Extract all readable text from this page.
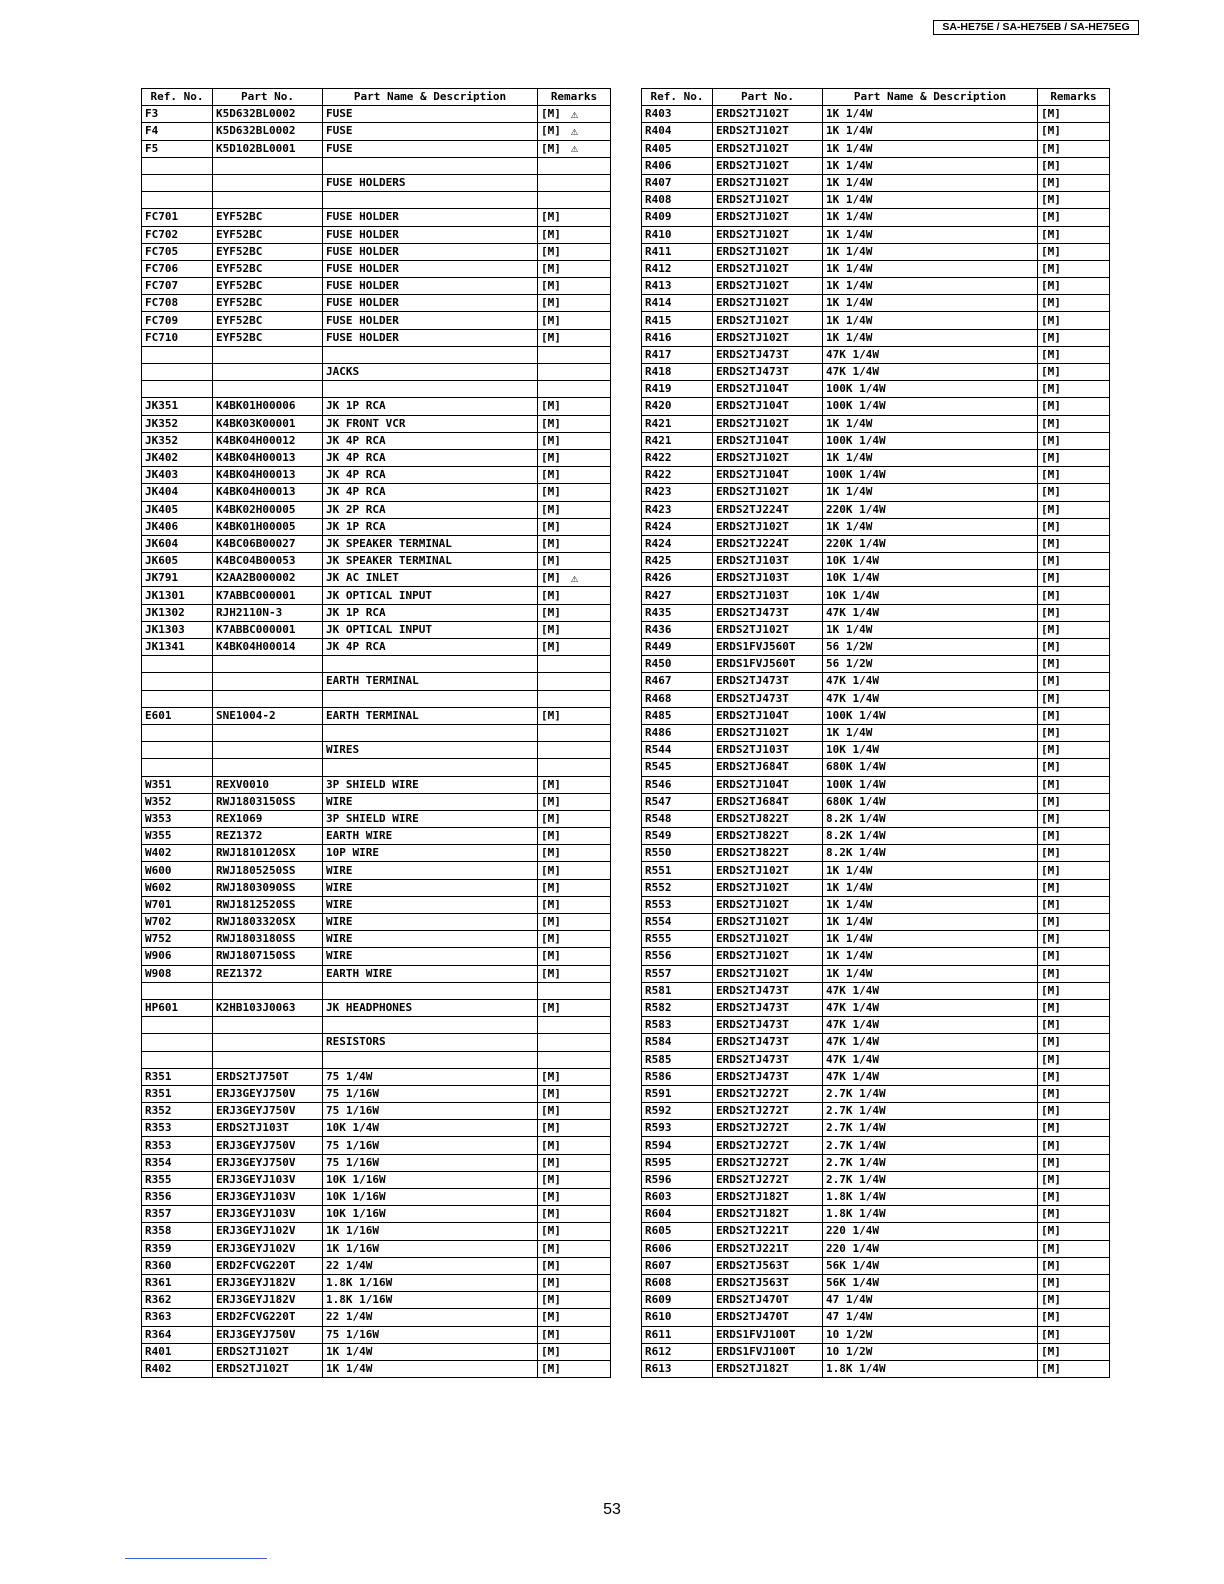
SA-HE75E / SA-HE75EB / SA-HE75EG
Ref. No.	Part No.	Part Name & Description	Remarks
F3	K5D632BL0002	FUSE	[M] ⚠
F4	K5D632BL0002	FUSE	[M] ⚠
F5	K5D102BL0001	FUSE	[M] ⚠

		FUSE HOLDERS	

FC701	EYF52BC	FUSE HOLDER	[M]
FC702	EYF52BC	FUSE HOLDER	[M]
FC705	EYF52BC	FUSE HOLDER	[M]
FC706	EYF52BC	FUSE HOLDER	[M]
FC707	EYF52BC	FUSE HOLDER	[M]
FC708	EYF52BC	FUSE HOLDER	[M]
FC709	EYF52BC	FUSE HOLDER	[M]
FC710	EYF52BC	FUSE HOLDER	[M]

		JACKS	

JK351	K4BK01H00006	JK 1P RCA	[M]
JK352	K4BK03K00001	JK FRONT VCR	[M]
JK352	K4BK04H00012	JK 4P RCA	[M]
JK402	K4BK04H00013	JK 4P RCA	[M]
JK403	K4BK04H00013	JK 4P RCA	[M]
JK404	K4BK04H00013	JK 4P RCA	[M]
JK405	K4BK02H00005	JK 2P RCA	[M]
JK406	K4BK01H00005	JK 1P RCA	[M]
JK604	K4BC06B00027	JK SPEAKER TERMINAL	[M]
JK605	K4BC04B00053	JK SPEAKER TERMINAL	[M]
JK791	K2AA2B000002	JK AC INLET	[M] ⚠
JK1301	K7ABBC000001	JK OPTICAL INPUT	[M]
JK1302	RJH2110N-3	JK 1P RCA	[M]
JK1303	K7ABBC000001	JK OPTICAL INPUT	[M]
JK1341	K4BK04H00014	JK 4P RCA	[M]

		EARTH TERMINAL	

E601	SNE1004-2	EARTH TERMINAL	[M]

		WIRES	

W351	REXV0010	3P SHIELD WIRE	[M]
W352	RWJ1803150SS	WIRE	[M]
W353	REX1069	3P SHIELD WIRE	[M]
W355	REZ1372	EARTH WIRE	[M]
W402	RWJ1810120SX	10P WIRE	[M]
W600	RWJ1805250SS	WIRE	[M]
W602	RWJ1803090SS	WIRE	[M]
W701	RWJ1812520SS	WIRE	[M]
W702	RWJ1803320SX	WIRE	[M]
W752	RWJ1803180SS	WIRE	[M]
W906	RWJ1807150SS	WIRE	[M]
W908	REZ1372	EARTH WIRE	[M]

HP601	K2HB103J0063	JK HEADPHONES	[M]

		RESISTORS	

R351	ERDS2TJ750T	75 1/4W	[M]
R351	ERJ3GEYJ750V	75 1/16W	[M]
R352	ERJ3GEYJ750V	75 1/16W	[M]
R353	ERDS2TJ103T	10K 1/4W	[M]
R353	ERJ3GEYJ750V	75 1/16W	[M]
R354	ERJ3GEYJ750V	75 1/16W	[M]
R355	ERJ3GEYJ103V	10K 1/16W	[M]
R356	ERJ3GEYJ103V	10K 1/16W	[M]
R357	ERJ3GEYJ103V	10K 1/16W	[M]
R358	ERJ3GEYJ102V	1K 1/16W	[M]
R359	ERJ3GEYJ102V	1K 1/16W	[M]
R360	ERD2FCVG220T	22 1/4W	[M]
R361	ERJ3GEYJ182V	1.8K 1/16W	[M]
R362	ERJ3GEYJ182V	1.8K 1/16W	[M]
R363	ERD2FCVG220T	22 1/4W	[M]
R364	ERJ3GEYJ750V	75 1/16W	[M]
R401	ERDS2TJ102T	1K 1/4W	[M]
R402	ERDS2TJ102T	1K 1/4W	[M]
Ref. No.	Part No.	Part Name & Description	Remarks
R403	ERDS2TJ102T	1K 1/4W	[M]
R404	ERDS2TJ102T	1K 1/4W	[M]
R405	ERDS2TJ102T	1K 1/4W	[M]
R406	ERDS2TJ102T	1K 1/4W	[M]
R407	ERDS2TJ102T	1K 1/4W	[M]
R408	ERDS2TJ102T	1K 1/4W	[M]
R409	ERDS2TJ102T	1K 1/4W	[M]
R410	ERDS2TJ102T	1K 1/4W	[M]
R411	ERDS2TJ102T	1K 1/4W	[M]
R412	ERDS2TJ102T	1K 1/4W	[M]
R413	ERDS2TJ102T	1K 1/4W	[M]
R414	ERDS2TJ102T	1K 1/4W	[M]
R415	ERDS2TJ102T	1K 1/4W	[M]
R416	ERDS2TJ102T	1K 1/4W	[M]
R417	ERDS2TJ473T	47K 1/4W	[M]
R418	ERDS2TJ473T	47K 1/4W	[M]
R419	ERDS2TJ104T	100K 1/4W	[M]
R420	ERDS2TJ104T	100K 1/4W	[M]
R421	ERDS2TJ102T	1K 1/4W	[M]
R421	ERDS2TJ104T	100K 1/4W	[M]
R422	ERDS2TJ102T	1K 1/4W	[M]
R422	ERDS2TJ104T	100K 1/4W	[M]
R423	ERDS2TJ102T	1K 1/4W	[M]
R423	ERDS2TJ224T	220K 1/4W	[M]
R424	ERDS2TJ102T	1K 1/4W	[M]
R424	ERDS2TJ224T	220K 1/4W	[M]
R425	ERDS2TJ103T	10K 1/4W	[M]
R426	ERDS2TJ103T	10K 1/4W	[M]
R427	ERDS2TJ103T	10K 1/4W	[M]
R435	ERDS2TJ473T	47K 1/4W	[M]
R436	ERDS2TJ102T	1K 1/4W	[M]
R449	ERDS1FVJ560T	56 1/2W	[M]
R450	ERDS1FVJ560T	56 1/2W	[M]
R467	ERDS2TJ473T	47K 1/4W	[M]
R468	ERDS2TJ473T	47K 1/4W	[M]
R485	ERDS2TJ104T	100K 1/4W	[M]
R486	ERDS2TJ102T	1K 1/4W	[M]
R544	ERDS2TJ103T	10K 1/4W	[M]
R545	ERDS2TJ684T	680K 1/4W	[M]
R546	ERDS2TJ104T	100K 1/4W	[M]
R547	ERDS2TJ684T	680K 1/4W	[M]
R548	ERDS2TJ822T	8.2K 1/4W	[M]
R549	ERDS2TJ822T	8.2K 1/4W	[M]
R550	ERDS2TJ822T	8.2K 1/4W	[M]
R551	ERDS2TJ102T	1K 1/4W	[M]
R552	ERDS2TJ102T	1K 1/4W	[M]
R553	ERDS2TJ102T	1K 1/4W	[M]
R554	ERDS2TJ102T	1K 1/4W	[M]
R555	ERDS2TJ102T	1K 1/4W	[M]
R556	ERDS2TJ102T	1K 1/4W	[M]
R557	ERDS2TJ102T	1K 1/4W	[M]
R581	ERDS2TJ473T	47K 1/4W	[M]
R582	ERDS2TJ473T	47K 1/4W	[M]
R583	ERDS2TJ473T	47K 1/4W	[M]
R584	ERDS2TJ473T	47K 1/4W	[M]
R585	ERDS2TJ473T	47K 1/4W	[M]
R586	ERDS2TJ473T	47K 1/4W	[M]
R591	ERDS2TJ272T	2.7K 1/4W	[M]
R592	ERDS2TJ272T	2.7K 1/4W	[M]
R593	ERDS2TJ272T	2.7K 1/4W	[M]
R594	ERDS2TJ272T	2.7K 1/4W	[M]
R595	ERDS2TJ272T	2.7K 1/4W	[M]
R596	ERDS2TJ272T	2.7K 1/4W	[M]
R603	ERDS2TJ182T	1.8K 1/4W	[M]
R604	ERDS2TJ182T	1.8K 1/4W	[M]
R605	ERDS2TJ221T	220 1/4W	[M]
R606	ERDS2TJ221T	220 1/4W	[M]
R607	ERDS2TJ563T	56K 1/4W	[M]
R608	ERDS2TJ563T	56K 1/4W	[M]
R609	ERDS2TJ470T	47 1/4W	[M]
R610	ERDS2TJ470T	47 1/4W	[M]
R611	ERDS1FVJ100T	10 1/2W	[M]
R612	ERDS1FVJ100T	10 1/2W	[M]
R613	ERDS2TJ182T	1.8K 1/4W	[M]
53
